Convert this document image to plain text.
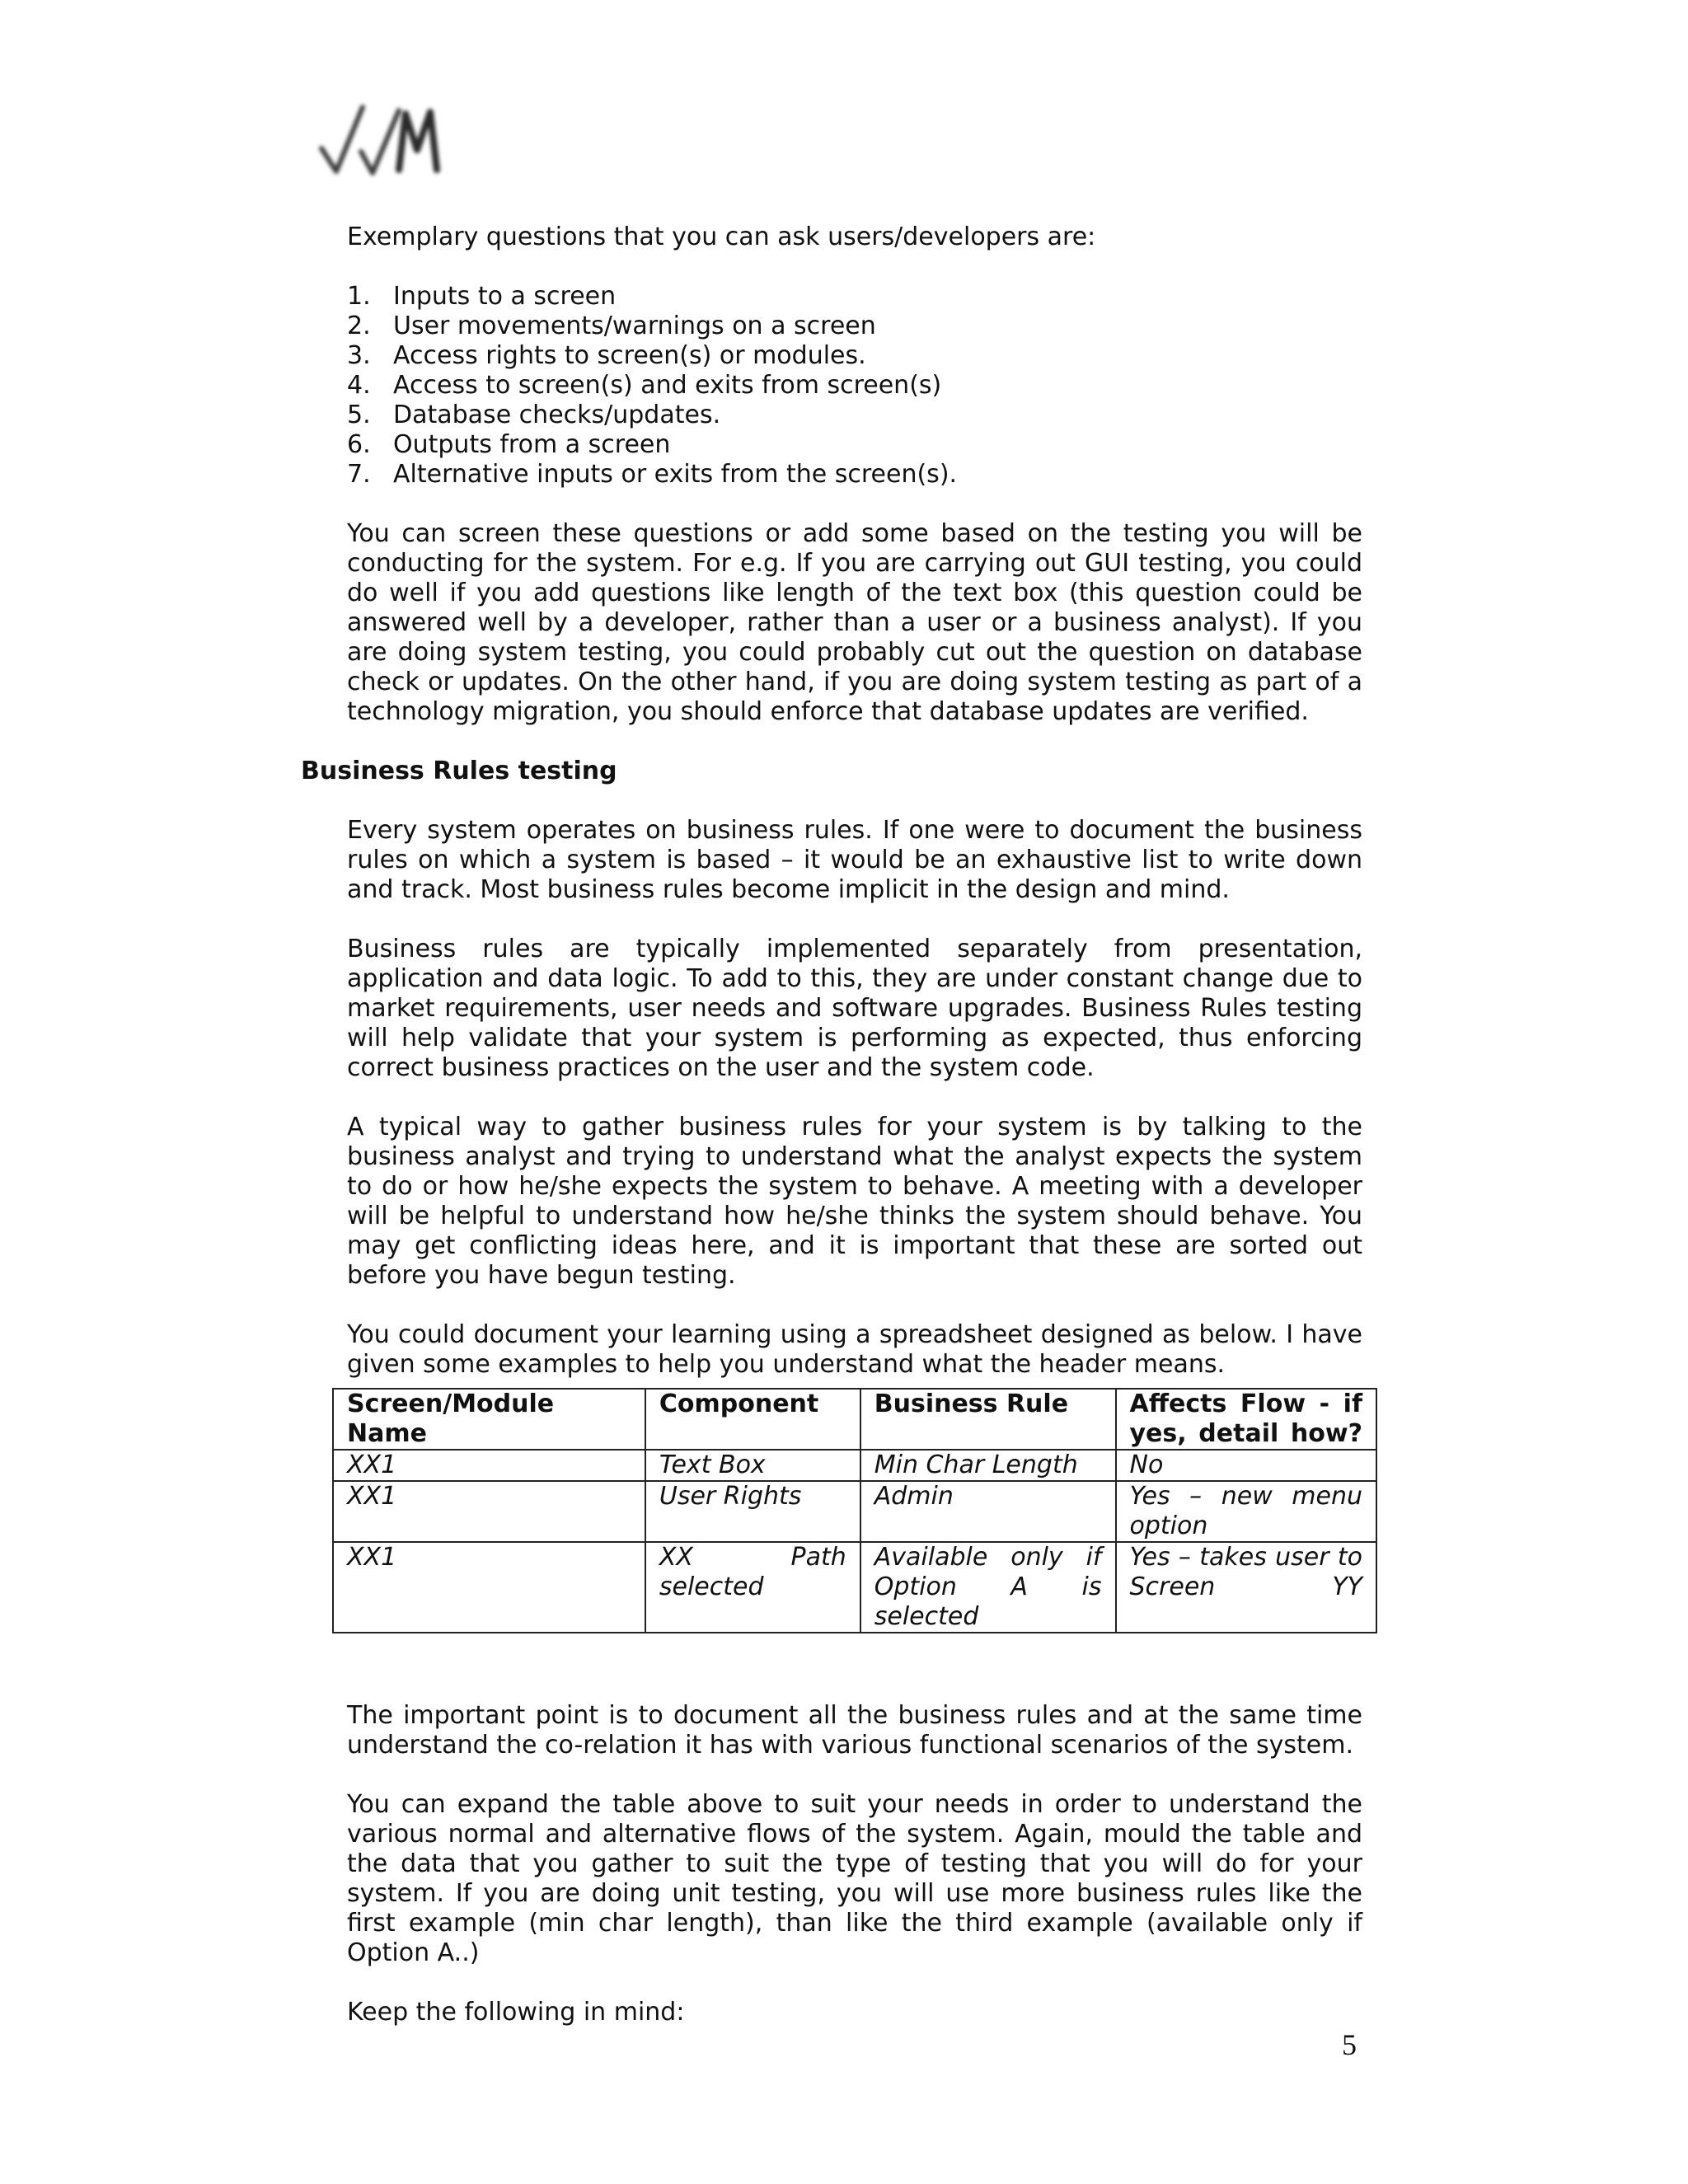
Exemplary questions that you can ask users/developers are:

1. Inputs to a screen
2. User movements/warnings on a screen
3. Access rights to screen(s) or modules.
4. Access to screen(s) and exits from screen(s)
5. Database checks/updates.
6. Outputs from a screen
7. Alternative inputs or exits from the screen(s).

You can screen these questions or add some based on the testing you will be conducting for the system. For e.g. If you are carrying out GUI testing, you could do well if you add questions like length of the text box (this question could be answered well by a developer, rather than a user or a business analyst). If you are doing system testing, you could probably cut out the question on database check or updates. On the other hand, if you are doing system testing as part of a technology migration, you should enforce that database updates are verified.

Business Rules testing

Every system operates on business rules. If one were to document the business rules on which a system is based – it would be an exhaustive list to write down and track. Most business rules become implicit in the design and mind.

Business rules are typically implemented separately from presentation, application and data logic. To add to this, they are under constant change due to market requirements, user needs and software upgrades. Business Rules testing will help validate that your system is performing as expected, thus enforcing correct business practices on the user and the system code.

A typical way to gather business rules for your system is by talking to the business analyst and trying to understand what the analyst expects the system to do or how he/she expects the system to behave. A meeting with a developer will be helpful to understand how he/she thinks the system should behave. You may get conflicting ideas here, and it is important that these are sorted out before you have begun testing.

You could document your learning using a spreadsheet designed as below. I have given some examples to help you understand what the header means.

Screen/Module Name	Component	Business Rule	Affects Flow - if yes, detail how?
XX1	Text Box	Min Char Length	No
XX1	User Rights	Admin	Yes – new menu option
XX1	XX Path selected	Available only if Option A is selected	Yes – takes user to Screen YY

The important point is to document all the business rules and at the same time understand the co-relation it has with various functional scenarios of the system.

You can expand the table above to suit your needs in order to understand the various normal and alternative flows of the system. Again, mould the table and the data that you gather to suit the type of testing that you will do for your system. If you are doing unit testing, you will use more business rules like the first example (min char length), than like the third example (available only if Option A..)

Keep the following in mind:

5
